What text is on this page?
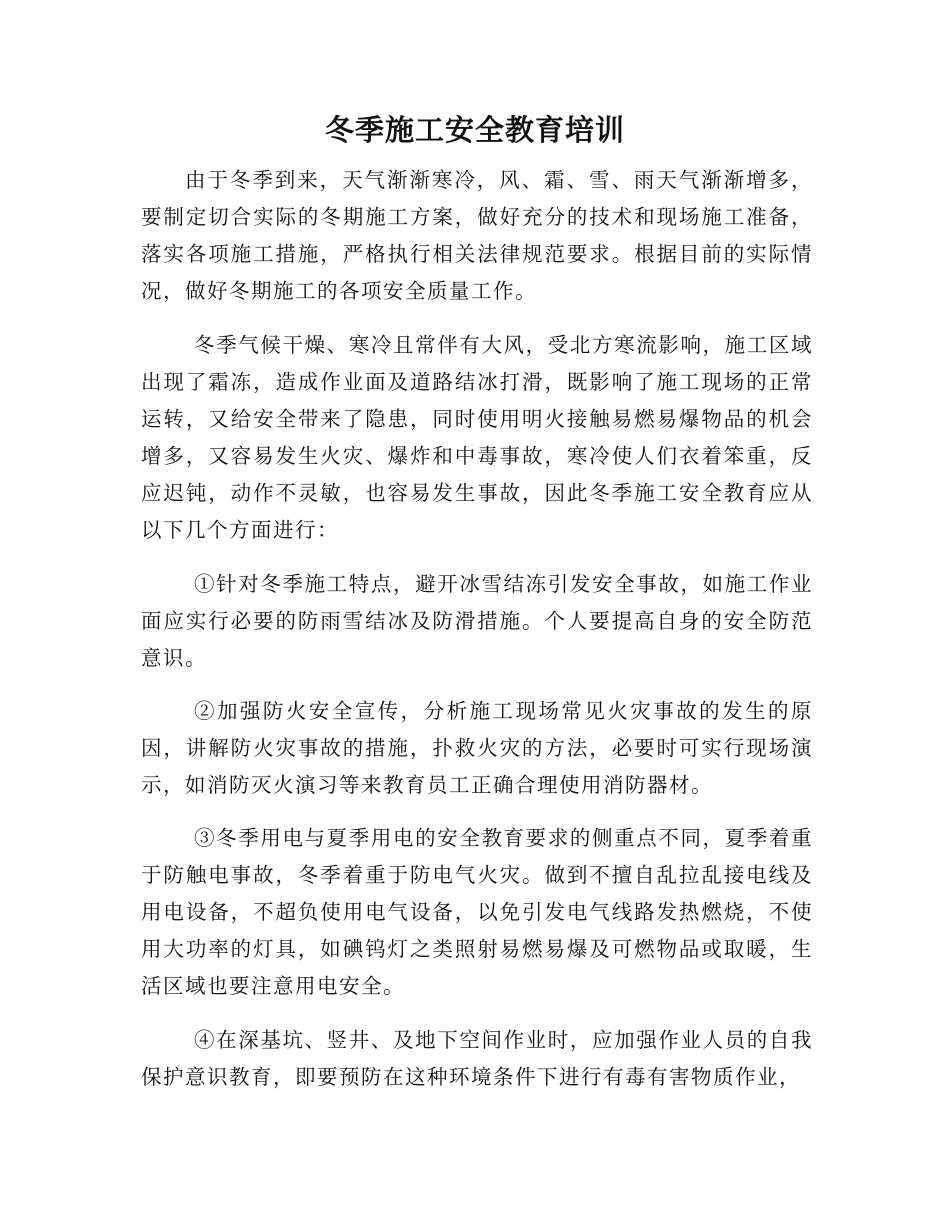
冬季施工安全教育培训

由于冬季到来，天气渐渐寒冷，风、霜、雪、雨天气渐渐增多，要制定切合实际的冬期施工方案，做好充分的技术和现场施工准备，落实各项施工措施，严格执行相关法律规范要求。根据目前的实际情况，做好冬期施工的各项安全质量工作。

冬季气候干燥、寒冷且常伴有大风，受北方寒流影响，施工区域出现了霜冻，造成作业面及道路结冰打滑，既影响了施工现场的正常运转，又给安全带来了隐患，同时使用明火接触易燃易爆物品的机会增多，又容易发生火灾、爆炸和中毒事故，寒冷使人们衣着笨重，反应迟钝，动作不灵敏，也容易发生事故，因此冬季施工安全教育应从以下几个方面进行：

①针对冬季施工特点，避开冰雪结冻引发安全事故，如施工作业面应实行必要的防雨雪结冰及防滑措施。个人要提高自身的安全防范意识。

②加强防火安全宣传，分析施工现场常见火灾事故的发生的原因，讲解防火灾事故的措施，扑救火灾的方法，必要时可实行现场演示，如消防灭火演习等来教育员工正确合理使用消防器材。

③冬季用电与夏季用电的安全教育要求的侧重点不同，夏季着重于防触电事故，冬季着重于防电气火灾。做到不擅自乱拉乱接电线及用电设备，不超负使用电气设备，以免引发电气线路发热燃烧，不使用大功率的灯具，如碘钨灯之类照射易燃易爆及可燃物品或取暖，生活区域也要注意用电安全。

④在深基坑、竖井、及地下空间作业时，应加强作业人员的自我保护意识教育，即要预防在这种环境条件下进行有毒有害物质作业，
